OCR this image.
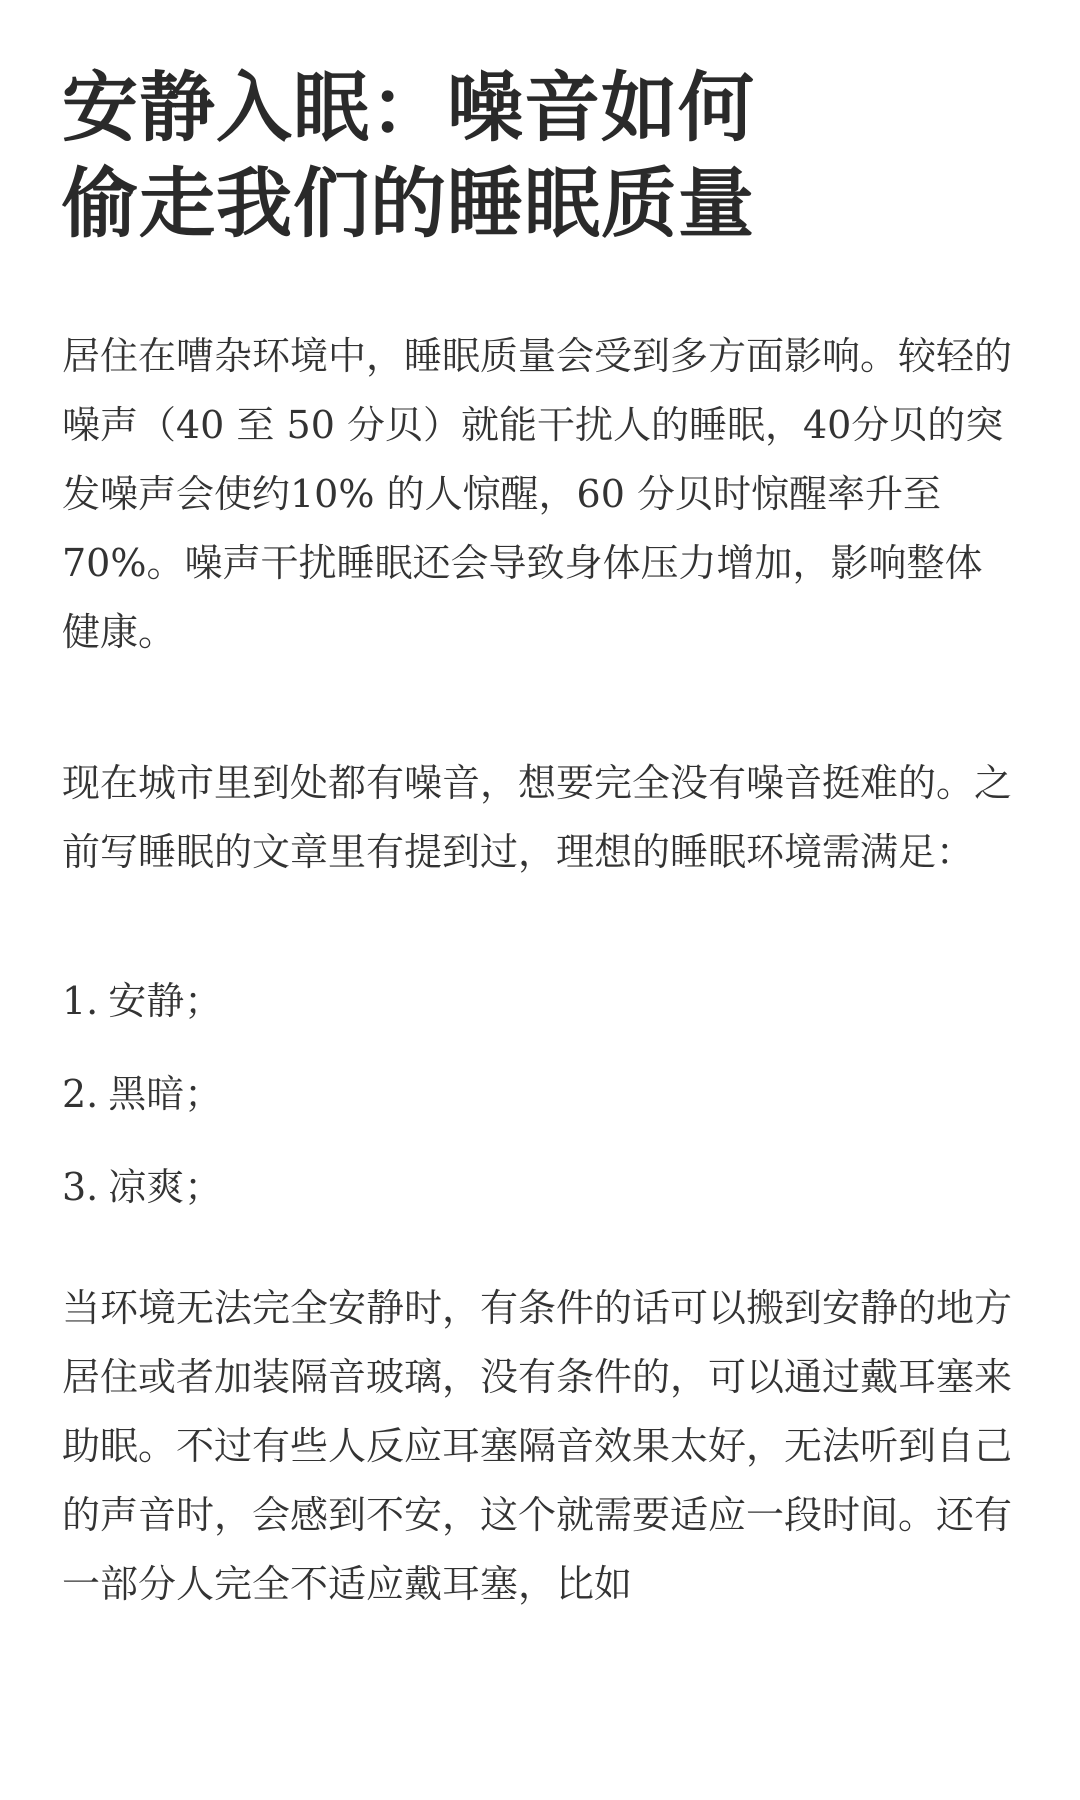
安静入眠：噪音如何
偷走我们的睡眠质量

居住在嘈杂环境中，睡眠质量会受到多方面影响。较轻的噪声（40 至 50 分贝）就能干扰人的睡眠，40分贝的突发噪声会使约10% 的人惊醒，60 分贝时惊醒率升至 70%。噪声干扰睡眠还会导致身体压力增加，影响整体健康。

现在城市里到处都有噪音，想要完全没有噪音挺难的。之前写睡眠的文章里有提到过，理想的睡眠环境需满足：

1. 安静；
2. 黑暗；
3. 凉爽；

当环境无法完全安静时，有条件的话可以搬到安静的地方居住或者加装隔音玻璃，没有条件的，可以通过戴耳塞来助眠。不过有些人反应耳塞隔音效果太好，无法听到自己的声音时，会感到不安，这个就需要适应一段时间。还有一部分人完全不适应戴耳塞，比如
